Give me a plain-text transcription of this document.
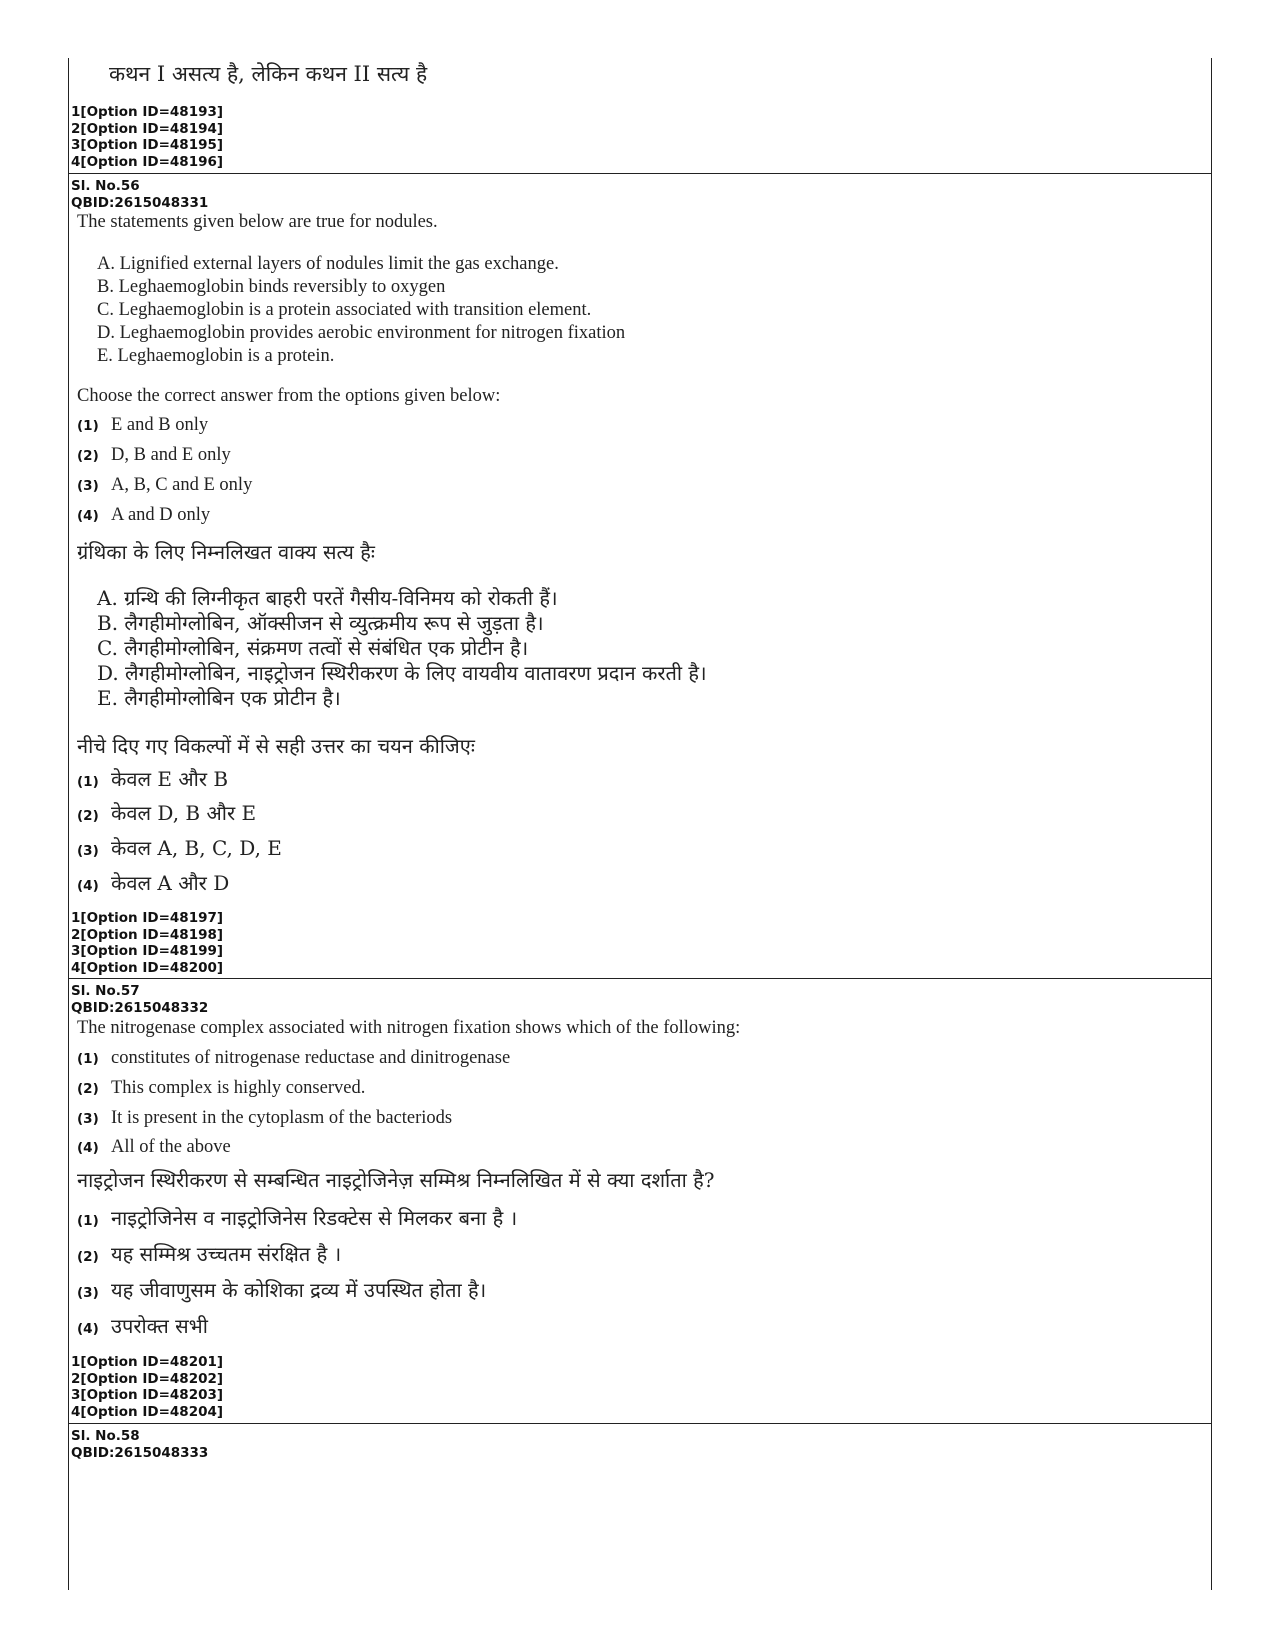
कथन I असत्य है, लेकिन कथन II सत्य है
1[Option ID=48193]
2[Option ID=48194]
3[Option ID=48195]
4[Option ID=48196]
Sl. No.56
QBID:2615048331
The statements given below are true for nodules.
A. Lignified external layers of nodules limit the gas exchange.
B. Leghaemoglobin binds reversibly to oxygen
C. Leghaemoglobin is a protein associated with transition element.
D. Leghaemoglobin provides aerobic environment for nitrogen fixation
E. Leghaemoglobin is a protein.
Choose the correct answer from the options given below:
(1) E and B only
(2) D, B and E only
(3) A, B, C and E only
(4) A and D only
ग्रंथिका के लिए निम्नलिखत वाक्य सत्य हैः
A. ग्रन्थि की लिग्नीकृत बाहरी परतें गैसीय-विनिमय को रोकती हैं।
B. लैगहीमोग्लोबिन, ऑक्सीजन से व्युत्क्रमीय रूप से जुड़ता है।
C. लैगहीमोग्लोबिन, संक्रमण तत्वों से संबंधित एक प्रोटीन है।
D. लैगहीमोग्लोबिन, नाइट्रोजन स्थिरीकरण के लिए वायवीय वातावरण प्रदान करती है।
E. लैगहीमोग्लोबिन एक प्रोटीन है।
नीचे दिए गए विकल्पों में से सही उत्तर का चयन कीजिएः
(1) केवल E और B
(2) केवल D, B और E
(3) केवल A, B, C, D, E
(4) केवल A और D
1[Option ID=48197]
2[Option ID=48198]
3[Option ID=48199]
4[Option ID=48200]
Sl. No.57
QBID:2615048332
The nitrogenase complex associated with nitrogen fixation shows which of the following:
(1) constitutes of nitrogenase reductase and dinitrogenase
(2) This complex is highly conserved.
(3) It is present in the cytoplasm of the bacteriods
(4) All of the above
नाइट्रोजन स्थिरीकरण से सम्बन्धित नाइट्रोजिनेज़ सम्मिश्र निम्नलिखित में से क्या दर्शाता है?
(1) नाइट्रोजिनेस व नाइट्रोजिनेस रिडक्टेस से मिलकर बना है ।
(2) यह सम्मिश्र उच्चतम संरक्षित है ।
(3) यह जीवाणुसम के कोशिका द्रव्य में उपस्थित होता है।
(4) उपरोक्त सभी
1[Option ID=48201]
2[Option ID=48202]
3[Option ID=48203]
4[Option ID=48204]
Sl. No.58
QBID:2615048333
